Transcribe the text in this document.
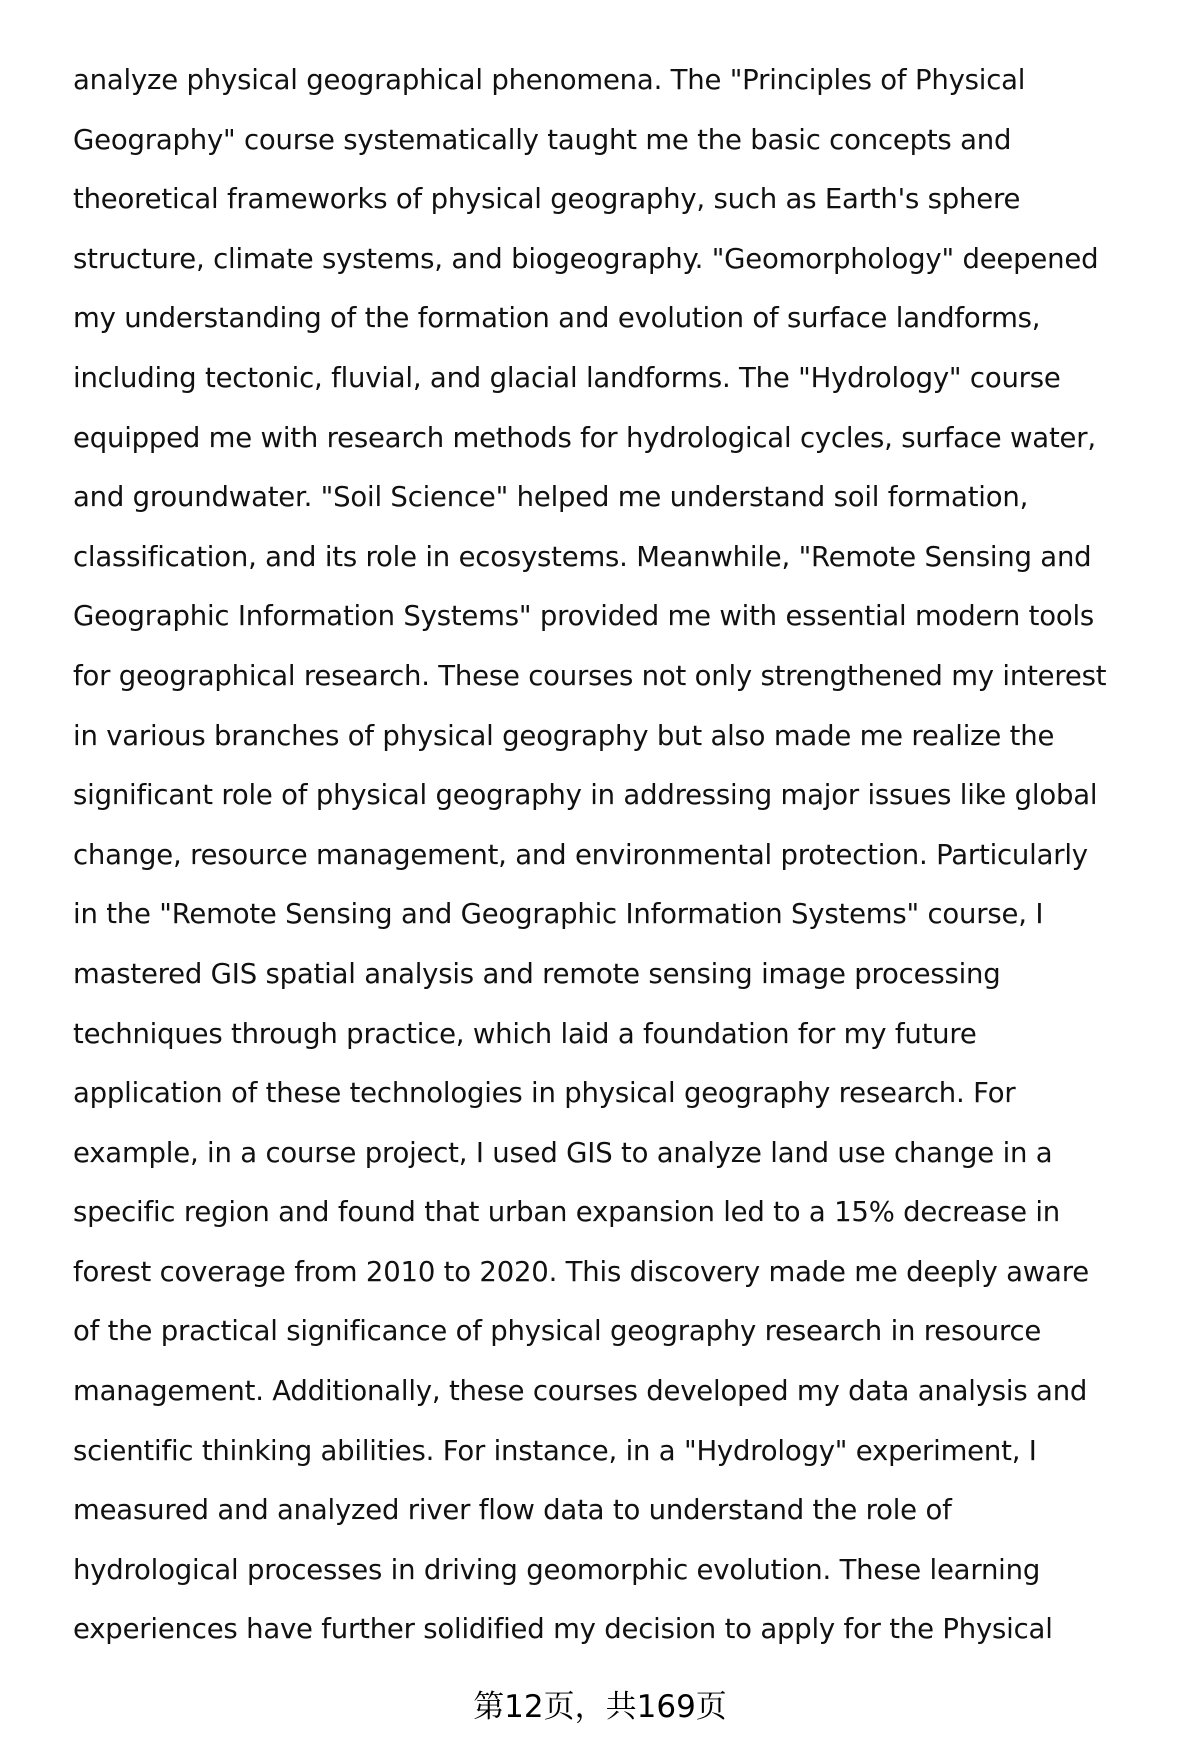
analyze physical geographical phenomena. The "Principles of Physical
Geography" course systematically taught me the basic concepts and
theoretical frameworks of physical geography, such as Earth's sphere
structure, climate systems, and biogeography. "Geomorphology" deepened
my understanding of the formation and evolution of surface landforms,
including tectonic, fluvial, and glacial landforms. The "Hydrology" course
equipped me with research methods for hydrological cycles, surface water,
and groundwater. "Soil Science" helped me understand soil formation,
classification, and its role in ecosystems. Meanwhile, "Remote Sensing and
Geographic Information Systems" provided me with essential modern tools
for geographical research. These courses not only strengthened my interest
in various branches of physical geography but also made me realize the
significant role of physical geography in addressing major issues like global
change, resource management, and environmental protection. Particularly
in the "Remote Sensing and Geographic Information Systems" course, I
mastered GIS spatial analysis and remote sensing image processing
techniques through practice, which laid a foundation for my future
application of these technologies in physical geography research. For
example, in a course project, I used GIS to analyze land use change in a
specific region and found that urban expansion led to a 15% decrease in
forest coverage from 2010 to 2020. This discovery made me deeply aware
of the practical significance of physical geography research in resource
management. Additionally, these courses developed my data analysis and
scientific thinking abilities. For instance, in a "Hydrology" experiment, I
measured and analyzed river flow data to understand the role of
hydrological processes in driving geomorphic evolution. These learning
experiences have further solidified my decision to apply for the Physical
第12页，共169页
